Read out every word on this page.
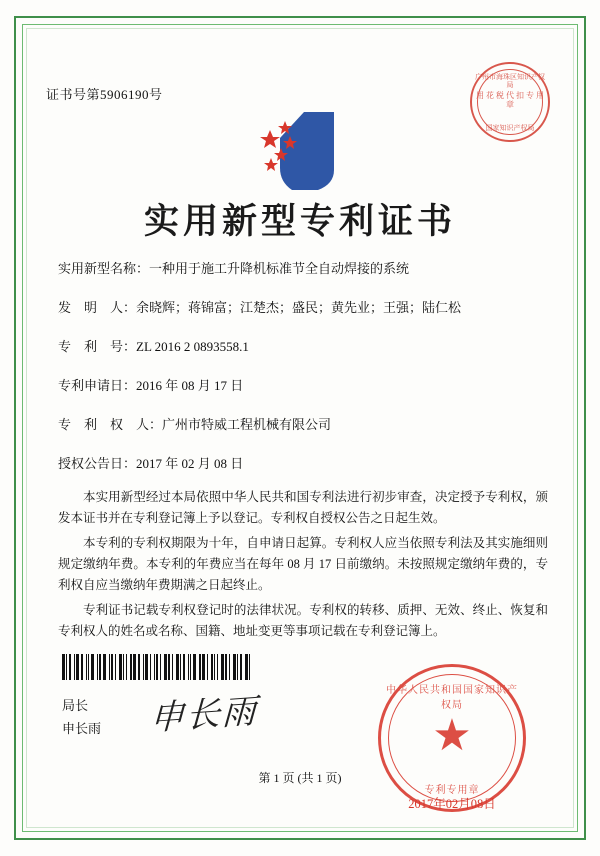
证书号第5906190号
广州市海珠区知识产权局
用 花 税 代 扣 专 用 章
国家知识产权局
实用新型专利证书
实用新型名称：一种用于施工升降机标准节全自动焊接的系统
发　明　人：余晓辉；蒋锦富；江楚杰；盛民；黄先业；王强；陆仁松
专　利　号：ZL 2016 2 0893558.1
专利申请日：2016 年 08 月 17 日
专　利　权　人：广州市特威工程机械有限公司
授权公告日：2017 年 02 月 08 日

本实用新型经过本局依照中华人民共和国专利法进行初步审查，决定授予专利权，颁发本证书并在专利登记簿上予以登记。专利权自授权公告之日起生效。

本专利的专利权期限为十年，自申请日起算。专利权人应当依照专利法及其实施细则规定缴纳年费。本专利的年费应当在每年 08 月 17 日前缴纳。未按照规定缴纳年费的，专利权自应当缴纳年费期满之日起终止。

专利证书记载专利权登记时的法律状况。专利权的转移、质押、无效、终止、恢复和专利权人的姓名或名称、国籍、地址变更等事项记载在专利登记簿上。

局长
申长雨 申长雨
中华人民共和国国家知识产权局
★
专利专用章
2017年02月08日
第 1 页 (共 1 页)
